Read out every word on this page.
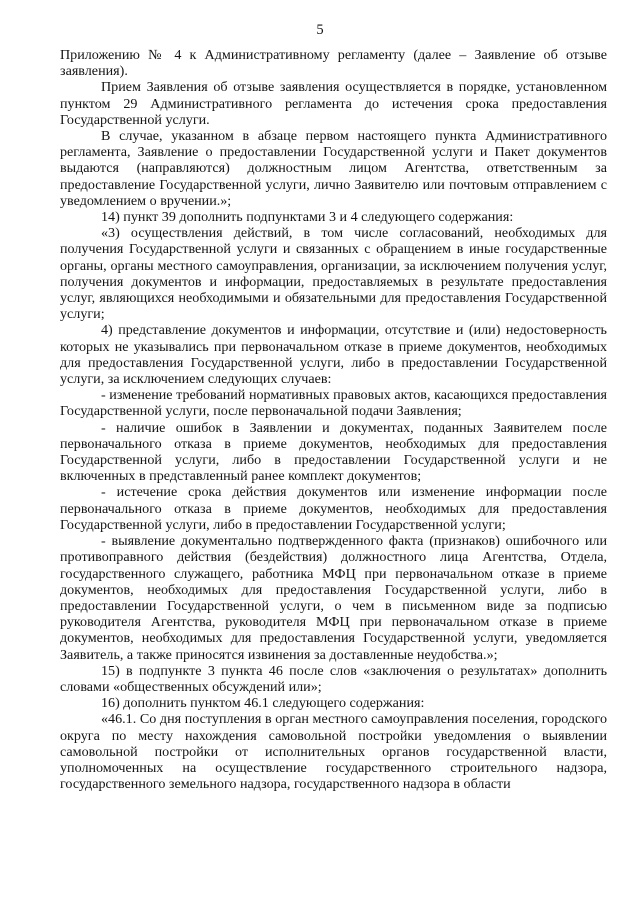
5

Приложению № 4 к Административному регламенту (далее – Заявление об отзыве заявления).

Прием Заявления об отзыве заявления осуществляется в порядке, установленном пунктом 29 Административного регламента до истечения срока предоставления Государственной услуги.

В случае, указанном в абзаце первом настоящего пункта Административного регламента, Заявление о предоставлении Государственной услуги и Пакет документов выдаются (направляются) должностным лицом Агентства, ответственным за предоставление Государственной услуги, лично Заявителю или почтовым отправлением с уведомлением о вручении.»;

14) пункт 39 дополнить подпунктами 3 и 4 следующего содержания:

«3) осуществления действий, в том числе согласований, необходимых для получения Государственной услуги и связанных с обращением в иные государственные органы, органы местного самоуправления, организации, за исключением получения услуг, получения документов и информации, предоставляемых в результате предоставления услуг, являющихся необходимыми и обязательными для предоставления Государственной услуги;

4) представление документов и информации, отсутствие и (или) недостоверность которых не указывались при первоначальном отказе в приеме документов, необходимых для предоставления Государственной услуги, либо в предоставлении Государственной услуги, за исключением следующих случаев:

- изменение требований нормативных правовых актов, касающихся предоставления Государственной услуги, после первоначальной подачи Заявления;

- наличие ошибок в Заявлении и документах, поданных Заявителем после первоначального отказа в приеме документов, необходимых для предоставления Государственной услуги, либо в предоставлении Государственной услуги и не включенных в представленный ранее комплект документов;

- истечение срока действия документов или изменение информации после первоначального отказа в приеме документов, необходимых для предоставления Государственной услуги, либо в предоставлении Государственной услуги;

- выявление документально подтвержденного факта (признаков) ошибочного или противоправного действия (бездействия) должностного лица Агентства, Отдела, государственного служащего, работника МФЦ при первоначальном отказе в приеме документов, необходимых для предоставления Государственной услуги, либо в предоставлении Государственной услуги, о чем в письменном виде за подписью руководителя Агентства, руководителя МФЦ при первоначальном отказе в приеме документов, необходимых для предоставления Государственной услуги, уведомляется Заявитель, а также приносятся извинения за доставленные неудобства.»;

15) в подпункте 3 пункта 46 после слов «заключения о результатах» дополнить словами «общественных обсуждений или»;

16) дополнить пунктом 46.1 следующего содержания:

«46.1. Со дня поступления в орган местного самоуправления поселения, городского округа по месту нахождения самовольной постройки уведомления о выявлении самовольной постройки от исполнительных органов государственной власти, уполномоченных на осуществление государственного строительного надзора, государственного земельного надзора, государственного надзора в области
